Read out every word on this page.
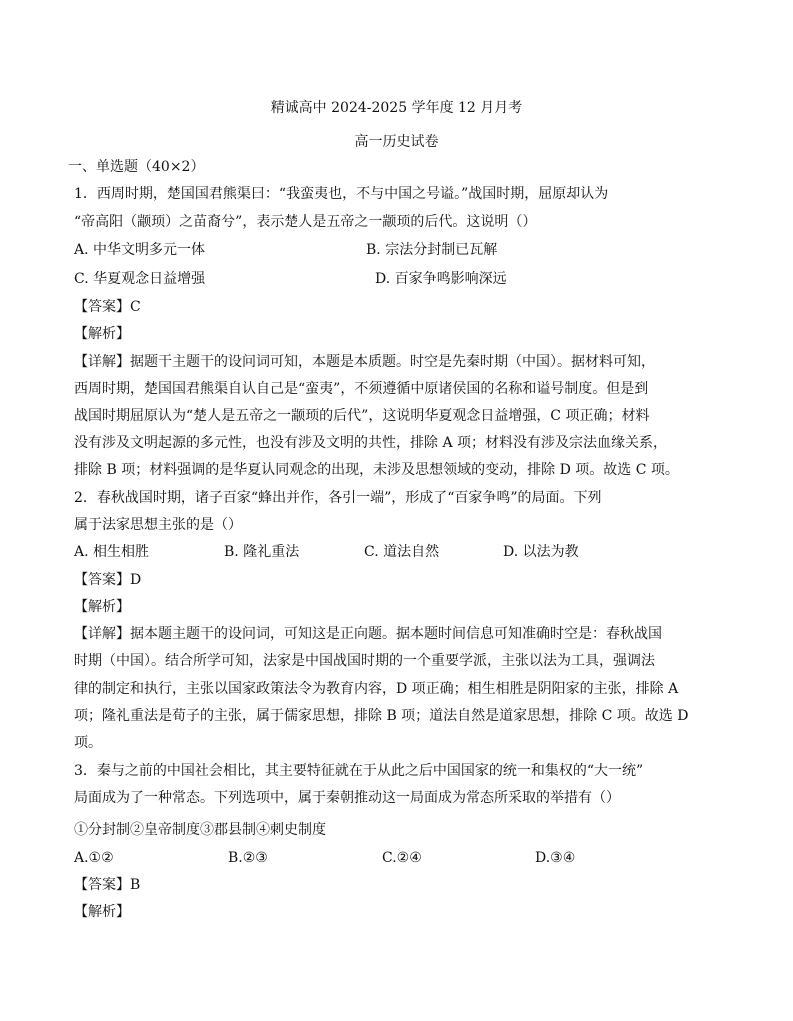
精诚高中 2024-2025 学年度 12 月月考
高一历史试卷
一、单选题（40×2）
1．西周时期，楚国国君熊渠曰：“我蛮夷也，不与中国之号谥。”战国时期，屈原却认为
“帝高阳（颛顼）之苗裔兮”，表示楚人是五帝之一颛顼的后代。这说明（）
A. 中华文明多元一体	B. 宗法分封制已瓦解
C. 华夏观念日益增强	D. 百家争鸣影响深远
【答案】C
【解析】
【详解】据题干主题干的设问词可知，本题是本质题。时空是先秦时期（中国）。据材料可知，
西周时期，楚国国君熊渠自认自己是“蛮夷”，不须遵循中原诸侯国的名称和谥号制度。但是到
战国时期屈原认为“楚人是五帝之一颛顼的后代”，这说明华夏观念日益增强，C 项正确；材料
没有涉及文明起源的多元性，也没有涉及文明的共性，排除 A 项；材料没有涉及宗法血缘关系，
排除 B 项；材料强调的是华夏认同观念的出现，未涉及思想领域的变动，排除 D 项。故选 C 项。
2．春秋战国时期，诸子百家“蜂出并作，各引一端”，形成了“百家争鸣”的局面。下列
属于法家思想主张的是（）
A. 相生相胜	B. 隆礼重法	C. 道法自然	D. 以法为教
【答案】D
【解析】
【详解】据本题主题干的设问词，可知这是正向题。据本题时间信息可知准确时空是：春秋战国
时期（中国）。结合所学可知，法家是中国战国时期的一个重要学派，主张以法为工具，强调法
律的制定和执行，主张以国家政策法令为教育内容，D 项正确；相生相胜是阴阳家的主张，排除 A
项；隆礼重法是荀子的主张，属于儒家思想，排除 B 项；道法自然是道家思想，排除 C 项。故选 D
项。
3．秦与之前的中国社会相比，其主要特征就在于从此之后中国国家的统一和集权的“大一统”
局面成为了一种常态。下列选项中，属于秦朝推动这一局面成为常态所采取的举措有（）
①分封制②皇帝制度③郡县制④刺史制度
A.①②	B.②③	C.②④	D.③④
【答案】B
【解析】
